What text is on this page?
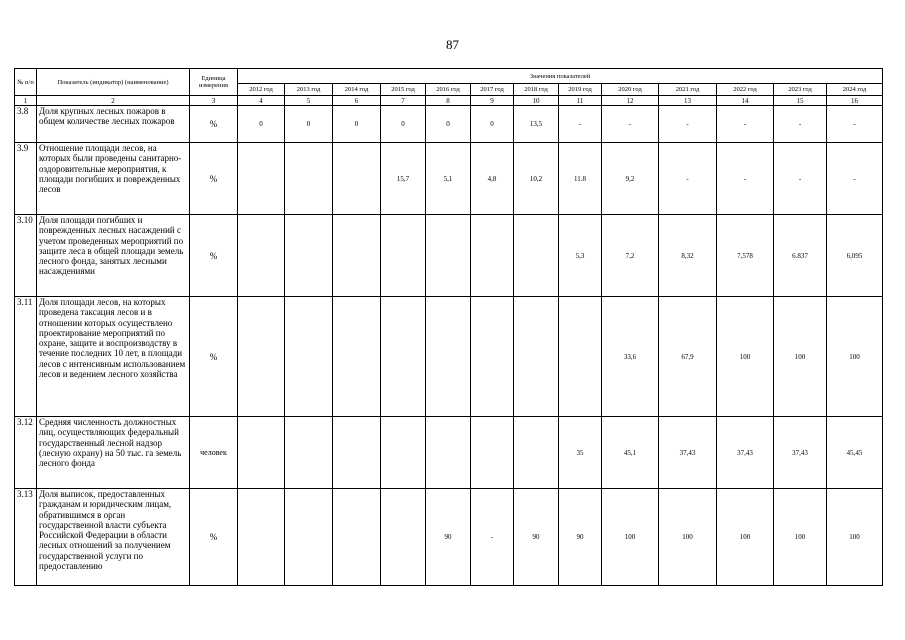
87
№ п/п	Показатель (индикатор) (наименование)	Единица измерения	Значения показателей												
			2012 год	2013 год	2014 год	2015 год	2016 год	2017 год	2018 год	2019 год	2020 год	2021 год	2022 год	2023 год	2024 год
1	2	3	4	5	6	7	8	9	10	11	12	13	14	15	16
3.8	Доля крупных лесных пожаров в общем количестве лесных пожаров	%	0	0	0	0	0	0	13,5	-	-	-	-	-	-
3.9	Отношение площади лесов, на которых были проведены санитарно-оздоровительные мероприятия, к площади погибших и поврежденных лесов	%				15,7	5,1	4,8	10,2	11.8	9,2	-	-	-	-
3.10	Доля площади погибших и поврежденных лесных насаждений с учетом проведенных мероприятий по защите леса в общей площади земель лесного фонда, занятых лесными насаждениями	%								5,3	7,2	8,32	7,578	6.837	6,095
3.11	Доля площади лесов, на которых проведена таксация лесов и в отношении которых осуществлено проектирование мероприятий по охране, защите и воспроизводству в течение последних 10 лет, в площади лесов с интенсивным использованием лесов и ведением лесного хозяйства	%									33,6	67,9	100	100	100
3.12	Средняя численность должностных лиц, осуществляющих федеральный государственный лесной надзор (лесную охрану) на 50 тыс. га земель лесного фонда	человек								35	45,1	37,43	37,43	37,43	45,45
3.13	Доля выписок, предоставленных гражданам и юридическим лицам, обратившимся в орган государственной власти субъекта Российской Федерации в области лесных отношений за получением государственной услуги по предоставлению	%					90	-	90	90	100	100	100	100	100
